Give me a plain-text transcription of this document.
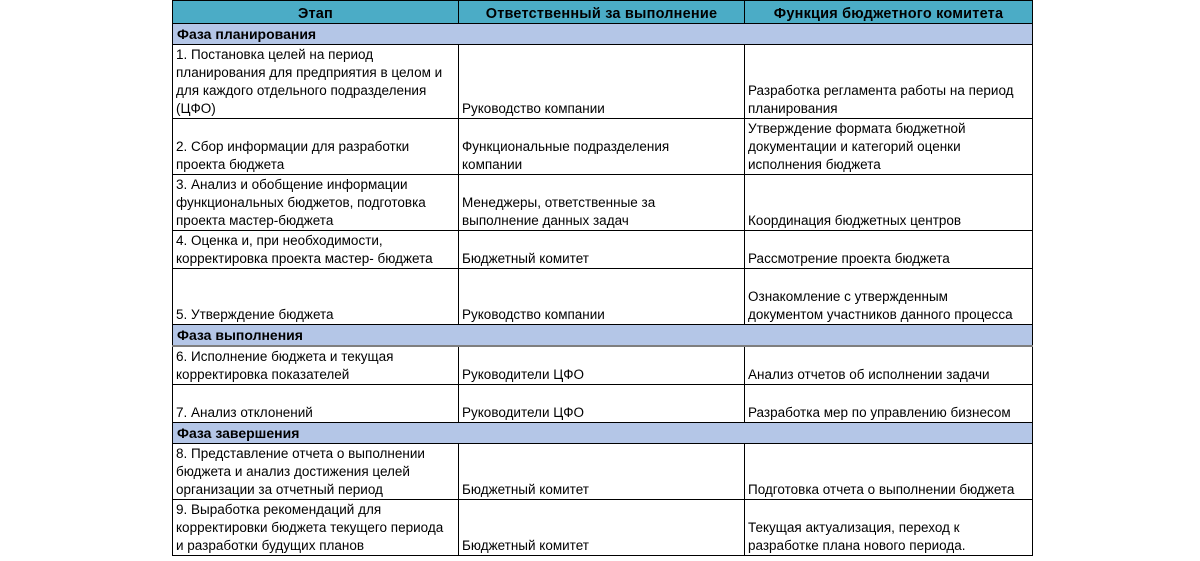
Этап	Ответственный за выполнение	Функция бюджетного комитета
Фаза планирования		
1. Постановка целей на период
планирования для предприятия в целом и
для каждого отдельного подразделения
(ЦФО)	Руководство компании	Разработка регламента работы на период
планирования
2. Сбор информации для разработки
проекта бюджета	Функциональные подразделения
компании	Утверждение формата бюджетной
документации и категорий оценки
исполнения бюджета
3. Анализ и обобщение информации
функциональных бюджетов, подготовка
проекта мастер-бюджета	Менеджеры, ответственные за
выполнение данных задач	Координация бюджетных центров
4. Оценка и, при необходимости,
корректировка проекта мастер- бюджета	Бюджетный комитет	Рассмотрение проекта бюджета
5. Утверждение бюджета	Руководство компании	Ознакомление с утвержденным
документом участников данного процесса
Фаза выполнения		
6. Исполнение бюджета и текущая
корректировка показателей	Руководители ЦФО	Анализ отчетов об исполнении задачи
7. Анализ отклонений	Руководители ЦФО	Разработка мер по управлению бизнесом
Фаза завершения		
8. Представление отчета о выполнении
бюджета и анализ достижения целей
организации за отчетный период	Бюджетный комитет	Подготовка отчета о выполнении бюджета
9. Выработка рекомендаций для
корректировки бюджета текущего периода
и разработки будущих планов	Бюджетный комитет	Текущая актуализация, переход к
разработке плана нового периода.
